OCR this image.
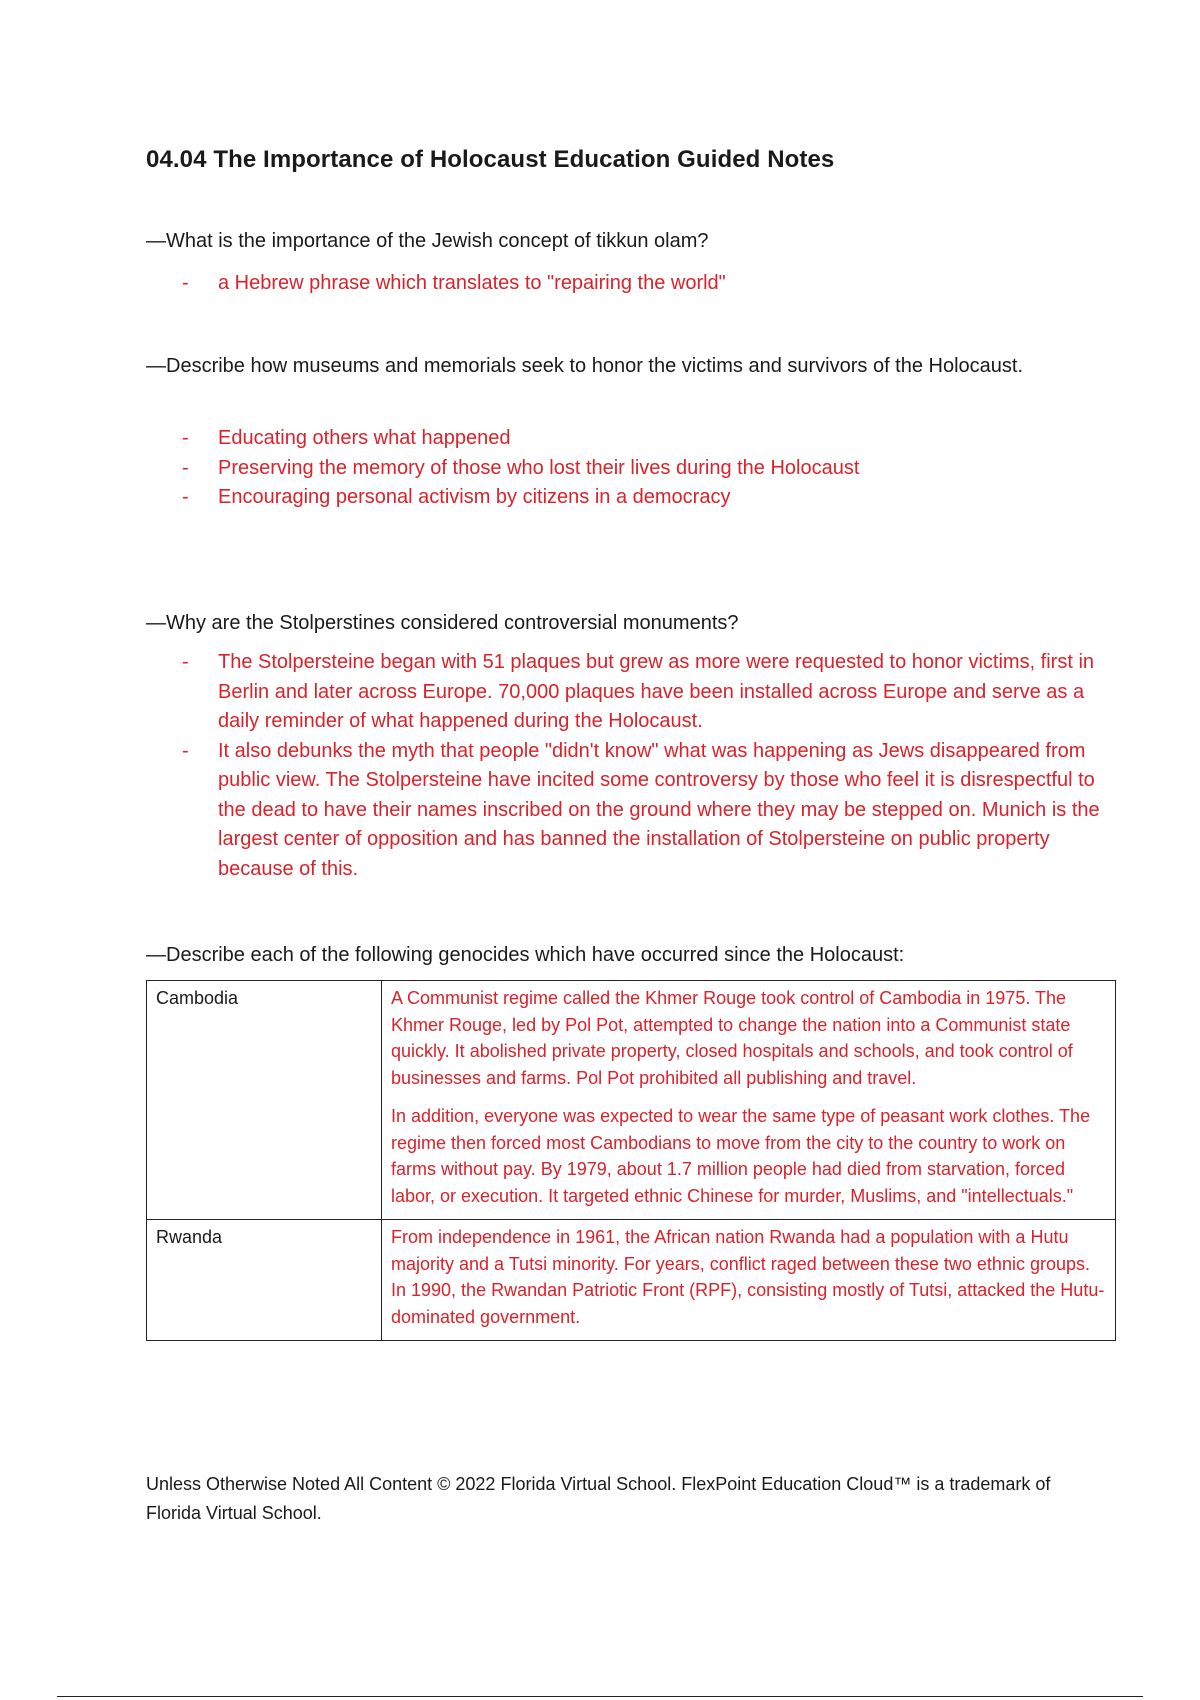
04.04 The Importance of Holocaust Education Guided Notes
—What is the importance of the Jewish concept of tikkun olam?
- a Hebrew phrase which translates to "repairing the world"
—Describe how museums and memorials seek to honor the victims and survivors of the Holocaust.
- Educating others what happened
- Preserving the memory of those who lost their lives during the Holocaust
- Encouraging personal activism by citizens in a democracy
—Why are the Stolperstines considered controversial monuments?
- The Stolpersteine began with 51 plaques but grew as more were requested to honor victims, first in Berlin and later across Europe. 70,000 plaques have been installed across Europe and serve as a daily reminder of what happened during the Holocaust.
- It also debunks the myth that people "didn't know" what was happening as Jews disappeared from public view. The Stolpersteine have incited some controversy by those who feel it is disrespectful to the dead to have their names inscribed on the ground where they may be stepped on. Munich is the largest center of opposition and has banned the installation of Stolpersteine on public property because of this.
—Describe each of the following genocides which have occurred since the Holocaust:
Cambodia	A Communist regime called the Khmer Rouge took control of Cambodia in 1975. The Khmer Rouge, led by Pol Pot, attempted to change the nation into a Communist state quickly. It abolished private property, closed hospitals and schools, and took control of businesses and farms. Pol Pot prohibited all publishing and travel.

In addition, everyone was expected to wear the same type of peasant work clothes. The regime then forced most Cambodians to move from the city to the country to work on farms without pay. By 1979, about 1.7 million people had died from starvation, forced labor, or execution. It targeted ethnic Chinese for murder, Muslims, and "intellectuals."

Rwanda	From independence in 1961, the African nation Rwanda had a population with a Hutu majority and a Tutsi minority. For years, conflict raged between these two ethnic groups. In 1990, the Rwandan Patriotic Front (RPF), consisting mostly of Tutsi, attacked the Hutu-dominated government.

Unless Otherwise Noted All Content © 2022 Florida Virtual School. FlexPoint Education Cloud™ is a trademark of Florida Virtual School.
